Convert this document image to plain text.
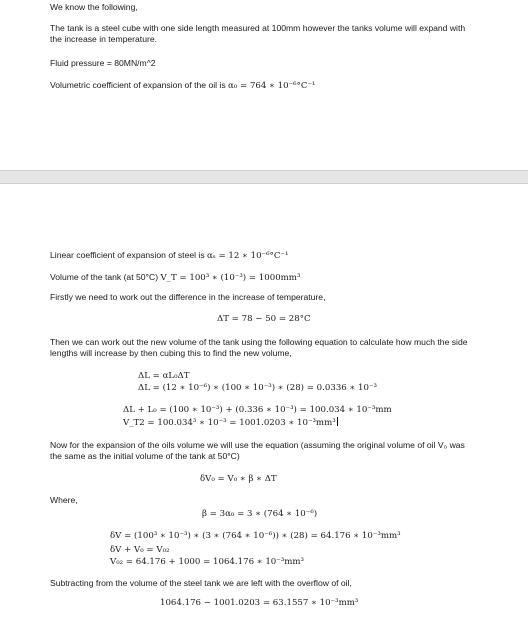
We know the following,
The tank is a steel cube with one side length measured at 100mm however the tanks volume will expand with the increase in temperature.
Fluid pressure = 80MN/m^2
Volumetric coefficient of expansion of the oil is α₀ = 764 ∗ 10⁻⁶°C⁻¹
Linear coefficient of expansion of steel is αₛ = 12 ∗ 10⁻⁶°C⁻¹
Volume of the tank (at 50°C) V_T = 100³ ∗ (10⁻³) = 1000mm³
Firstly we need to work out the difference in the increase of temperature,
ΔT = 78 − 50 = 28°C
Then we can work out the new volume of the tank using the following equation to calculate how much the side lengths will increase by then cubing this to find the new volume,
ΔL = αL₀ΔT
ΔL = (12 ∗ 10⁻⁶) ∗ (100 ∗ 10⁻³) ∗ (28) = 0.0336 ∗ 10⁻³
ΔL + L₀ = (100 ∗ 10⁻³) + (0.336 ∗ 10⁻³) = 100.034 ∗ 10⁻³mm
V_T2 = 100.034³ ∗ 10⁻³ = 1001.0203 ∗ 10⁻³mm³
Now for the expansion of the oils volume we will use the equation (assuming the original volume of oil V₀ was the same as the initial volume of the tank at 50°C)
δV₀ = V₀ ∗ β ∗ ΔT
Where,
β = 3α₀ = 3 ∗ (764 ∗ 10⁻⁶)
δV = (100³ ∗ 10⁻³) ∗ (3 ∗ (764 ∗ 10⁻⁶)) ∗ (28) = 64.176 ∗ 10⁻³mm³
δV + V₀ = V₀₂
V₀₂ = 64.176 + 1000 = 1064.176 ∗ 10⁻³mm³
Subtracting from the volume of the steel tank we are left with the overflow of oil,
1064.176 − 1001.0203 = 63.1557 ∗ 10⁻³mm³
